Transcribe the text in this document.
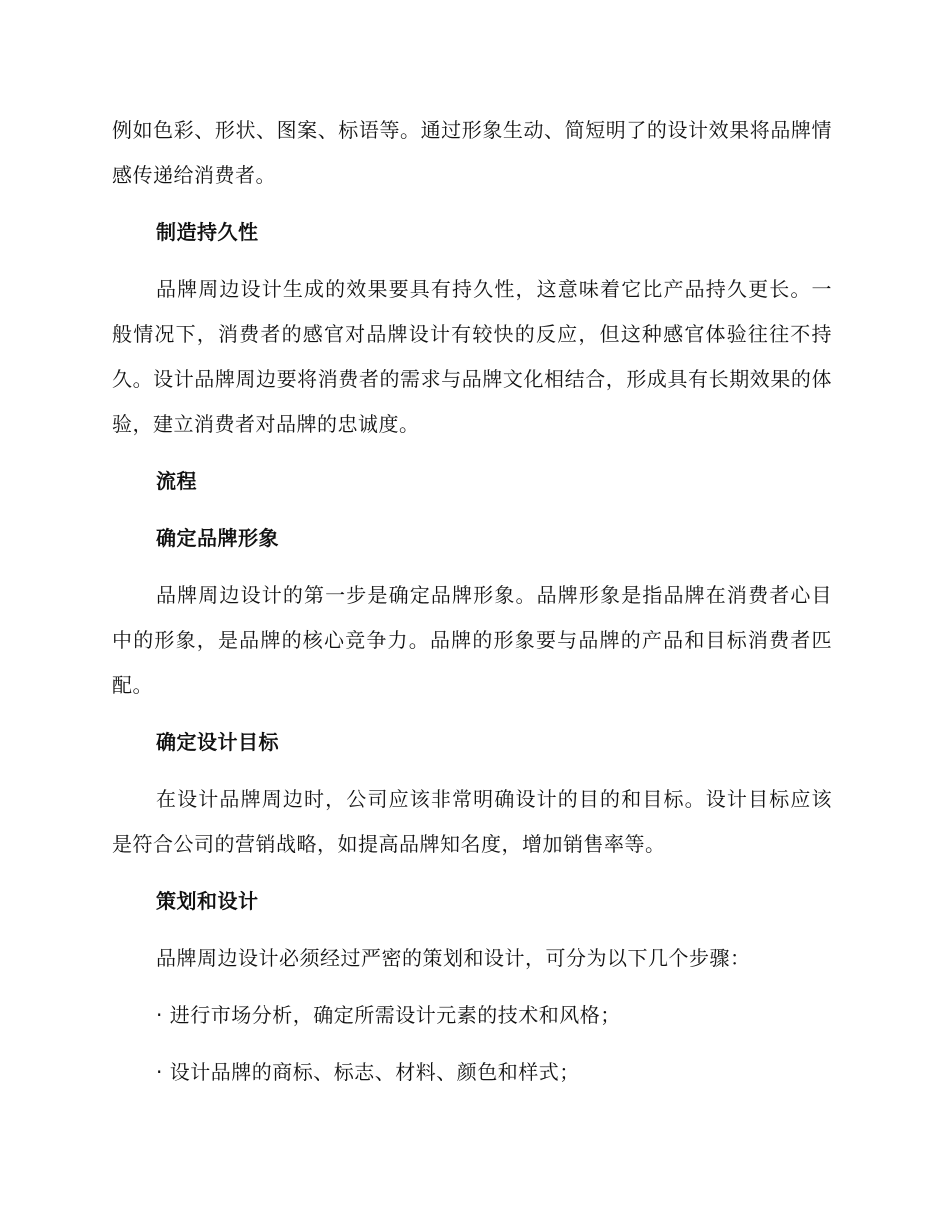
例如色彩、形状、图案、标语等。通过形象生动、简短明了的设计效果将品牌情感传递给消费者。

制造持久性

品牌周边设计生成的效果要具有持久性，这意味着它比产品持久更长。一般情况下，消费者的感官对品牌设计有较快的反应，但这种感官体验往往不持久。设计品牌周边要将消费者的需求与品牌文化相结合，形成具有长期效果的体验，建立消费者对品牌的忠诚度。

流程
确定品牌形象

品牌周边设计的第一步是确定品牌形象。品牌形象是指品牌在消费者心目中的形象，是品牌的核心竞争力。品牌的形象要与品牌的产品和目标消费者匹配。

确定设计目标

在设计品牌周边时，公司应该非常明确设计的目的和目标。设计目标应该是符合公司的营销战略，如提高品牌知名度，增加销售率等。

策划和设计

品牌周边设计必须经过严密的策划和设计，可分为以下几个步骤：

· 进行市场分析，确定所需设计元素的技术和风格；
· 设计品牌的商标、标志、材料、颜色和样式；
